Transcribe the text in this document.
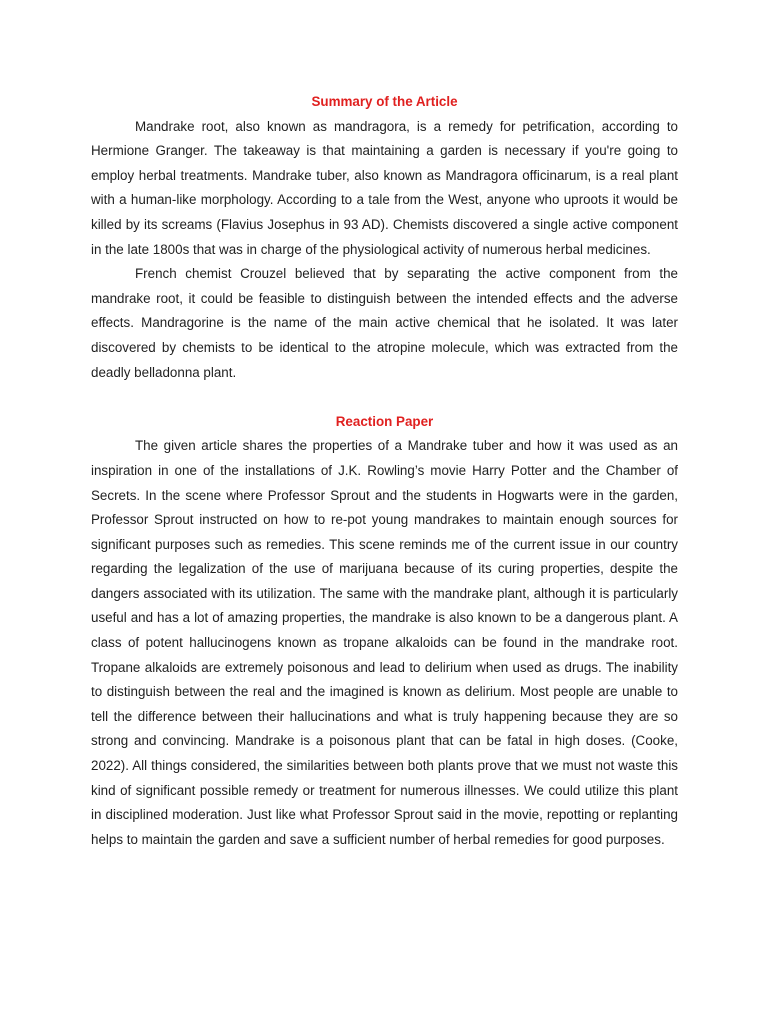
Summary of the Article

Mandrake root, also known as mandragora, is a remedy for petrification, according to Hermione Granger. The takeaway is that maintaining a garden is necessary if you're going to employ herbal treatments. Mandrake tuber, also known as Mandragora officinarum, is a real plant with a human-like morphology. According to a tale from the West, anyone who uproots it would be killed by its screams (Flavius Josephus in 93 AD). Chemists discovered a single active component in the late 1800s that was in charge of the physiological activity of numerous herbal medicines.

French chemist Crouzel believed that by separating the active component from the mandrake root, it could be feasible to distinguish between the intended effects and the adverse effects. Mandragorine is the name of the main active chemical that he isolated. It was later discovered by chemists to be identical to the atropine molecule, which was extracted from the deadly belladonna plant.

Reaction Paper

The given article shares the properties of a Mandrake tuber and how it was used as an inspiration in one of the installations of J.K. Rowling’s movie Harry Potter and the Chamber of Secrets. In the scene where Professor Sprout and the students in Hogwarts were in the garden, Professor Sprout instructed on how to re-pot young mandrakes to maintain enough sources for significant purposes such as remedies. This scene reminds me of the current issue in our country regarding the legalization of the use of marijuana because of its curing properties, despite the dangers associated with its utilization. The same with the mandrake plant, although it is particularly useful and has a lot of amazing properties, the mandrake is also known to be a dangerous plant. A class of potent hallucinogens known as tropane alkaloids can be found in the mandrake root. Tropane alkaloids are extremely poisonous and lead to delirium when used as drugs. The inability to distinguish between the real and the imagined is known as delirium. Most people are unable to tell the difference between their hallucinations and what is truly happening because they are so strong and convincing. Mandrake is a poisonous plant that can be fatal in high doses. (Cooke, 2022). All things considered, the similarities between both plants prove that we must not waste this kind of significant possible remedy or treatment for numerous illnesses. We could utilize this plant in disciplined moderation. Just like what Professor Sprout said in the movie, repotting or replanting helps to maintain the garden and save a sufficient number of herbal remedies for good purposes.
